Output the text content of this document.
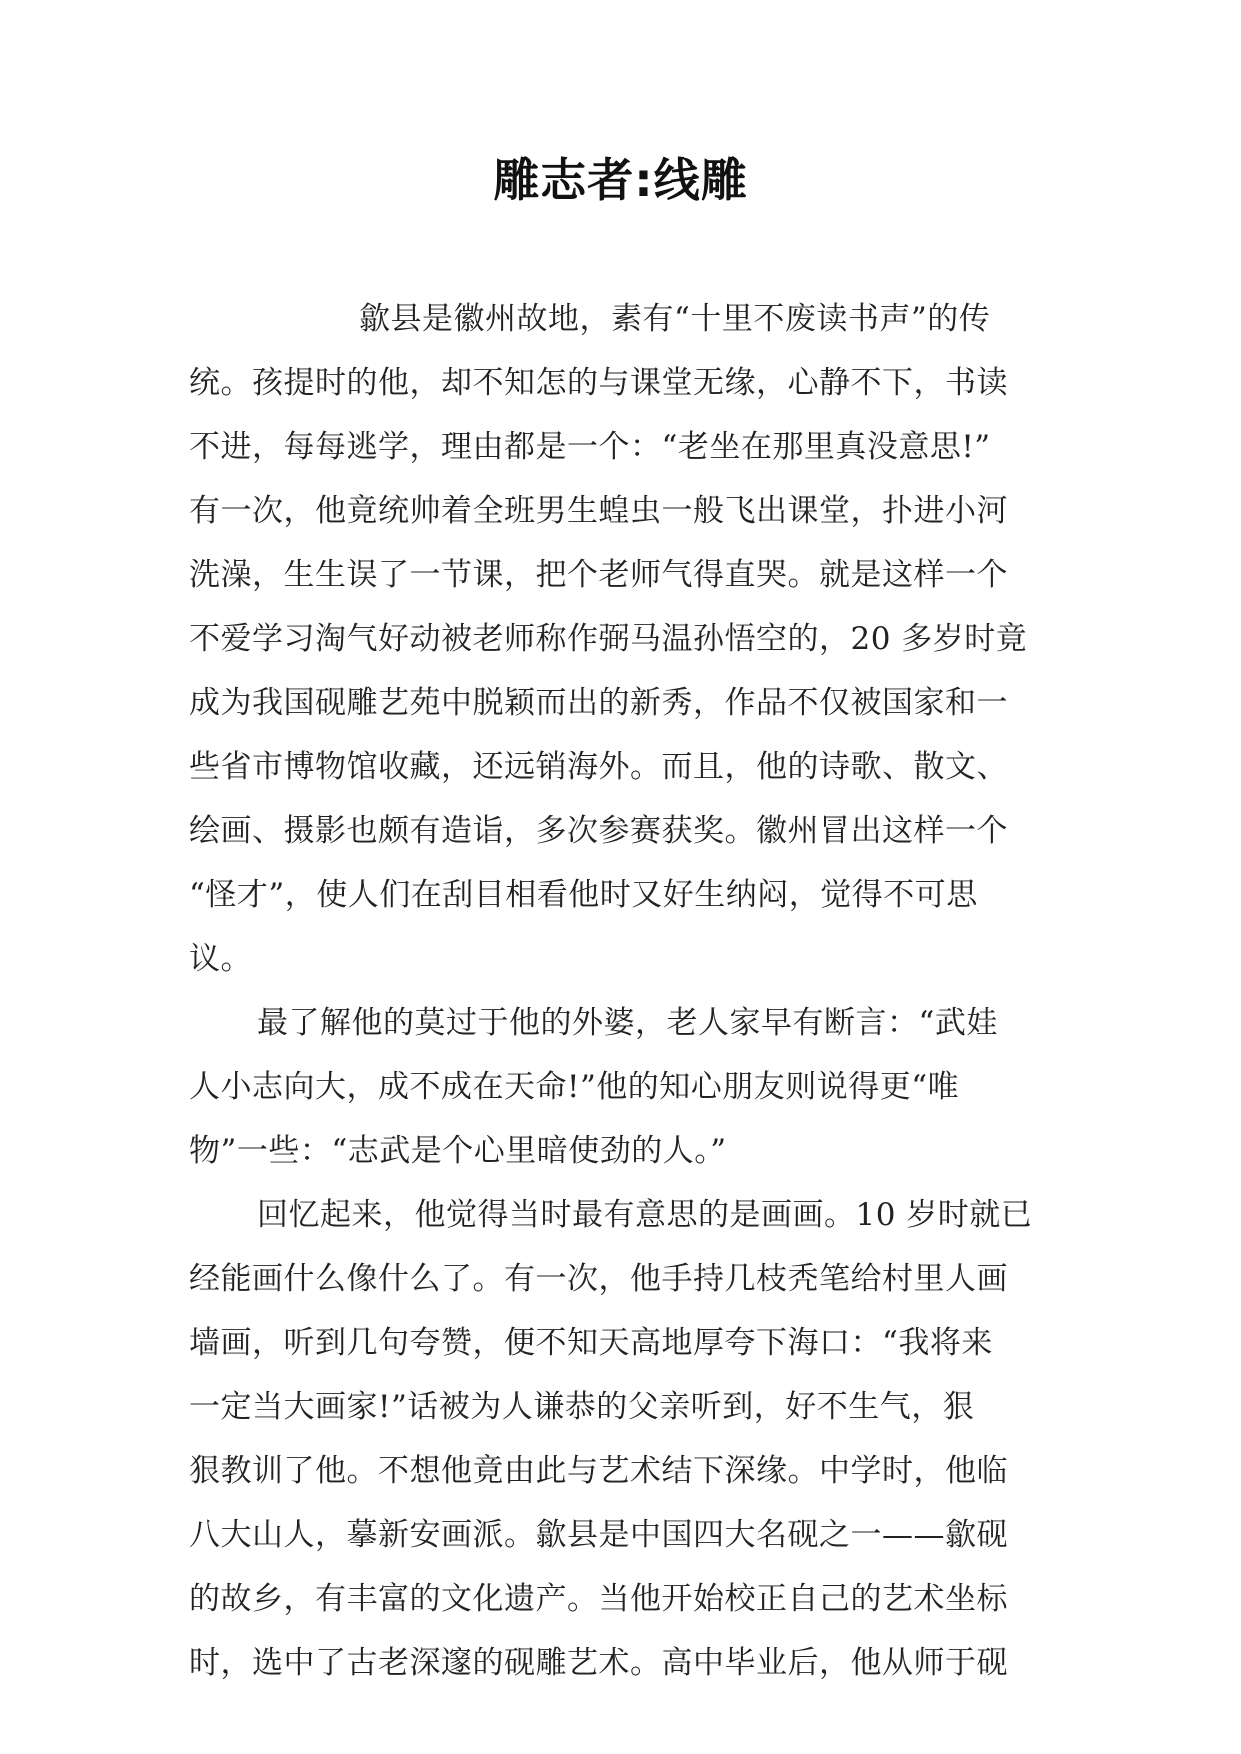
雕志者:线雕
歙县是徽州故地，素有“十里不废读书声”的传
统。孩提时的他，却不知怎的与课堂无缘，心静不下，书读
不进，每每逃学，理由都是一个：“老坐在那里真没意思!”
有一次，他竟统帅着全班男生蝗虫一般飞出课堂，扑进小河
洗澡，生生误了一节课，把个老师气得直哭。就是这样一个
不爱学习淘气好动被老师称作弼马温孙悟空的，20 多岁时竟
成为我国砚雕艺苑中脱颖而出的新秀，作品不仅被国家和一
些省市博物馆收藏，还远销海外。而且，他的诗歌、散文、
绘画、摄影也颇有造诣，多次参赛获奖。徽州冒出这样一个
“怪才”，使人们在刮目相看他时又好生纳闷，觉得不可思
议。
最了解他的莫过于他的外婆，老人家早有断言：“武娃
人小志向大，成不成在天命!”他的知心朋友则说得更“唯
物”一些：“志武是个心里暗使劲的人。”
回忆起来，他觉得当时最有意思的是画画。10 岁时就已
经能画什么像什么了。有一次，他手持几枝秃笔给村里人画
墙画，听到几句夸赞，便不知天高地厚夸下海口：“我将来
一定当大画家!”话被为人谦恭的父亲听到，好不生气，狠
狠教训了他。不想他竟由此与艺术结下深缘。中学时，他临
八大山人，摹新安画派。歙县是中国四大名砚之一——歙砚
的故乡，有丰富的文化遗产。当他开始校正自己的艺术坐标
时，选中了古老深邃的砚雕艺术。高中毕业后，他从师于砚
